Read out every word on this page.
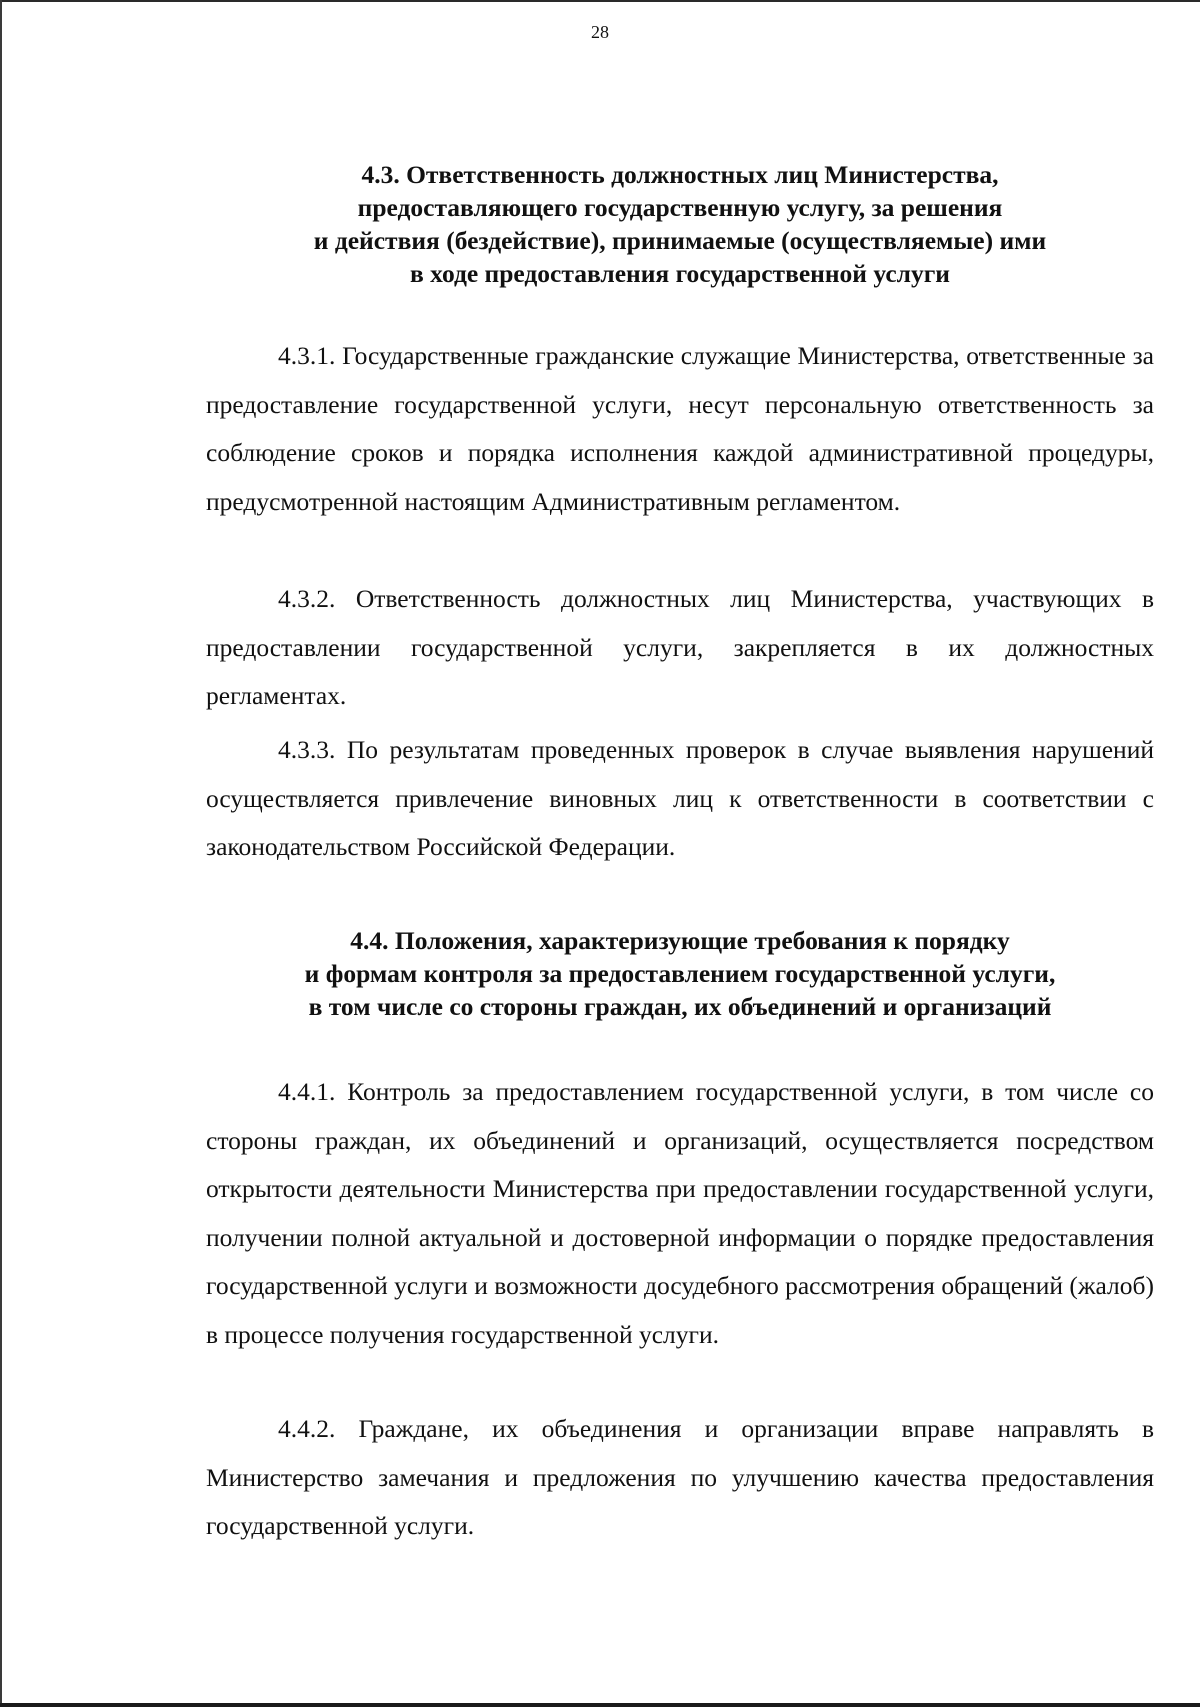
28
4.3. Ответственность должностных лиц Министерства,
предоставляющего государственную услугу, за решения
и действия (бездействие), принимаемые (осуществляемые) ими
в ходе предоставления государственной услуги

4.3.1. Государственные гражданские служащие Министерства, ответственные за предоставление государственной услуги, несут персональную ответственность за соблюдение сроков и порядка исполнения каждой административной процедуры, предусмотренной настоящим Административным регламентом.

4.3.2. Ответственность должностных лиц Министерства, участвующих в предоставлении государственной услуги, закрепляется в их должностных регламентах.

4.3.3. По результатам проведенных проверок в случае выявления нарушений осуществляется привлечение виновных лиц к ответственности в соответствии с законодательством Российской Федерации.

4.4. Положения, характеризующие требования к порядку
и формам контроля за предоставлением государственной услуги,
в том числе со стороны граждан, их объединений и организаций

4.4.1. Контроль за предоставлением государственной услуги, в том числе со стороны граждан, их объединений и организаций, осуществляется посредством открытости деятельности Министерства при предоставлении государственной услуги, получении полной актуальной и достоверной информации о порядке предоставления государственной услуги и возможности досудебного рассмотрения обращений (жалоб) в процессе получения государственной услуги.

4.4.2. Граждане, их объединения и организации вправе направлять в Министерство замечания и предложения по улучшению качества предоставления государственной услуги.
